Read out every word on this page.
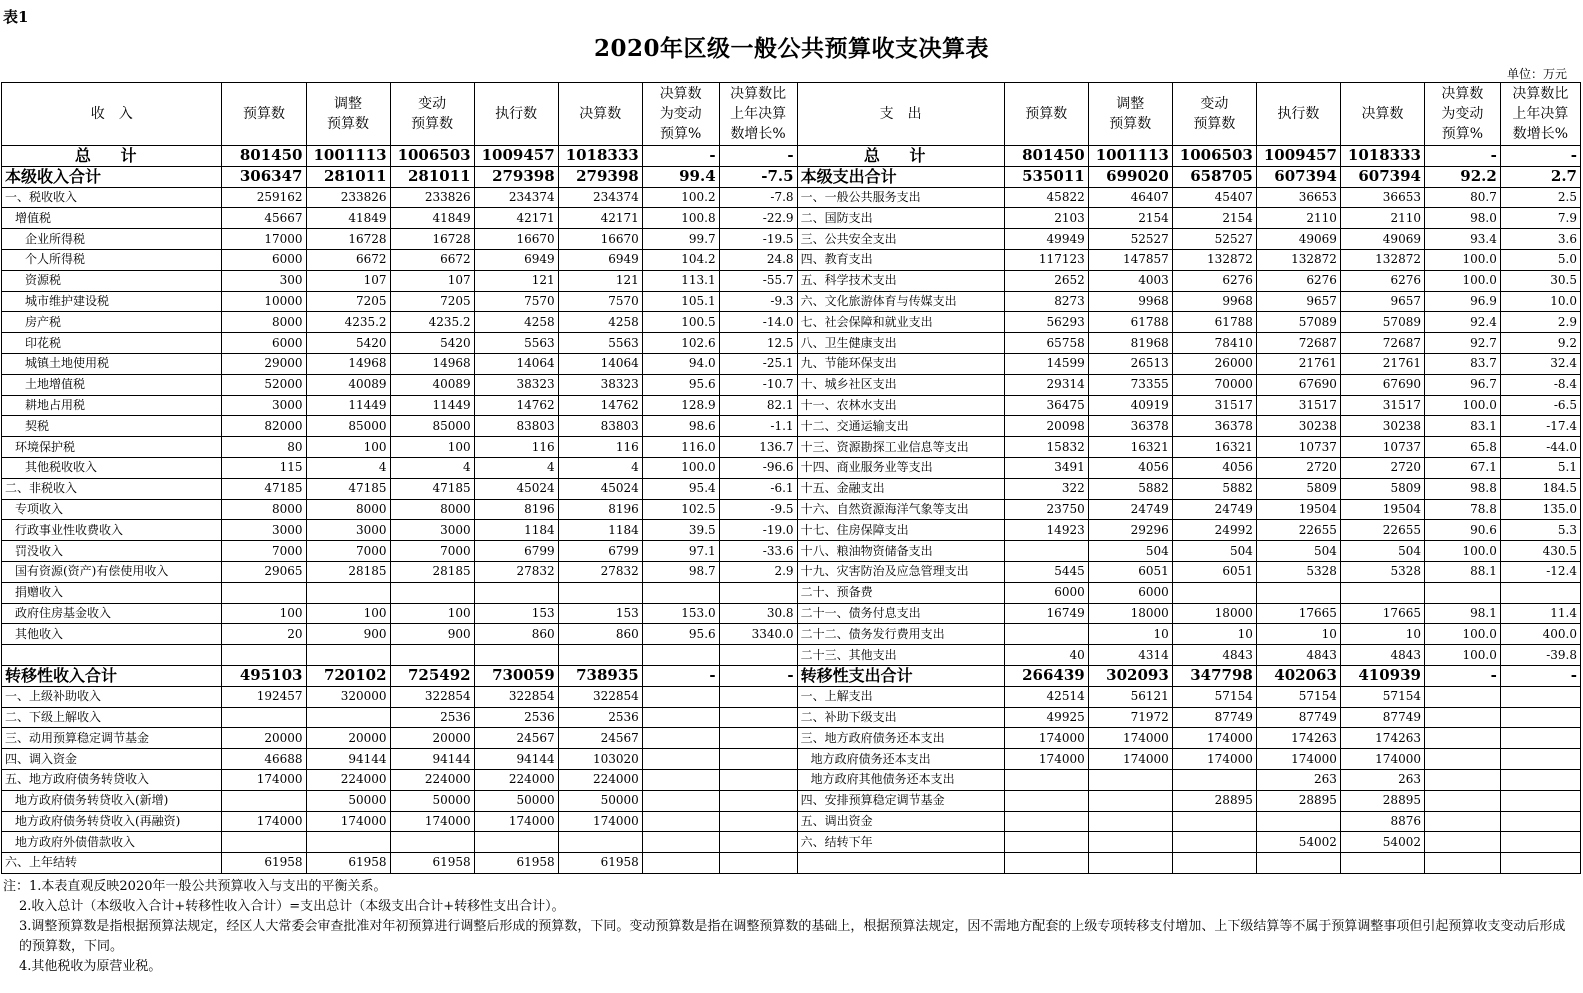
表1
2020年区级一般公共预算收支决算表
单位：万元
收　入	预算数	调整
预算数	变动
预算数	执行数	决算数	决算数
为变动
预算%	决算数比
上年决算
数增长%	支　出	预算数	调整
预算数	变动
预算数	执行数	决算数	决算数
为变动
预算%	决算数比
上年决算
数增长%

总 计	801450	1001113	1006503	1009457	1018333	-	-	总 计	801450	1001113	1006503	1009457	1018333	-	-
本级收入合计	306347	281011	281011	279398	279398	99.4	-7.5	本级支出合计	535011	699020	658705	607394	607394	92.2	2.7
一、税收收入	259162	233826	233826	234374	234374	100.2	-7.8	一、一般公共服务支出	45822	46407	45407	36653	36653	80.7	2.5
增值税	45667	41849	41849	42171	42171	100.8	-22.9	二、国防支出	2103	2154	2154	2110	2110	98.0	7.9
企业所得税	17000	16728	16728	16670	16670	99.7	-19.5	三、公共安全支出	49949	52527	52527	49069	49069	93.4	3.6
个人所得税	6000	6672	6672	6949	6949	104.2	24.8	四、教育支出	117123	147857	132872	132872	132872	100.0	5.0
资源税	300	107	107	121	121	113.1	-55.7	五、科学技术支出	2652	4003	6276	6276	6276	100.0	30.5
城市维护建设税	10000	7205	7205	7570	7570	105.1	-9.3	六、文化旅游体育与传媒支出	8273	9968	9968	9657	9657	96.9	10.0
房产税	8000	4235.2	4235.2	4258	4258	100.5	-14.0	七、社会保障和就业支出	56293	61788	61788	57089	57089	92.4	2.9
印花税	6000	5420	5420	5563	5563	102.6	12.5	八、卫生健康支出	65758	81968	78410	72687	72687	92.7	9.2
城镇土地使用税	29000	14968	14968	14064	14064	94.0	-25.1	九、节能环保支出	14599	26513	26000	21761	21761	83.7	32.4
土地增值税	52000	40089	40089	38323	38323	95.6	-10.7	十、城乡社区支出	29314	73355	70000	67690	67690	96.7	-8.4
耕地占用税	3000	11449	11449	14762	14762	128.9	82.1	十一、农林水支出	36475	40919	31517	31517	31517	100.0	-6.5
契税	82000	85000	85000	83803	83803	98.6	-1.1	十二、交通运输支出	20098	36378	36378	30238	30238	83.1	-17.4
环境保护税	80	100	100	116	116	116.0	136.7	十三、资源勘探工业信息等支出	15832	16321	16321	10737	10737	65.8	-44.0
其他税收收入	115	4	4	4	4	100.0	-96.6	十四、商业服务业等支出	3491	4056	4056	2720	2720	67.1	5.1
二、非税收入	47185	47185	47185	45024	45024	95.4	-6.1	十五、金融支出	322	5882	5882	5809	5809	98.8	184.5
专项收入	8000	8000	8000	8196	8196	102.5	-9.5	十六、自然资源海洋气象等支出	23750	24749	24749	19504	19504	78.8	135.0
行政事业性收费收入	3000	3000	3000	1184	1184	39.5	-19.0	十七、住房保障支出	14923	29296	24992	22655	22655	90.6	5.3
罚没收入	7000	7000	7000	6799	6799	97.1	-33.6	十八、粮油物资储备支出		504	504	504	504	100.0	430.5
国有资源(资产)有偿使用收入	29065	28185	28185	27832	27832	98.7	2.9	十九、灾害防治及应急管理支出	5445	6051	6051	5328	5328	88.1	-12.4
捐赠收入								二十、预备费	6000	6000					
政府住房基金收入	100	100	100	153	153	153.0	30.8	二十一、债务付息支出	16749	18000	18000	17665	17665	98.1	11.4
其他收入	20	900	900	860	860	95.6	3340.0	二十二、债务发行费用支出		10	10	10	10	100.0	400.0
								二十三、其他支出	40	4314	4843	4843	4843	100.0	-39.8
转移性收入合计	495103	720102	725492	730059	738935	-	-	转移性支出合计	266439	302093	347798	402063	410939	-	-
一、上级补助收入	192457	320000	322854	322854	322854			一、上解支出	42514	56121	57154	57154	57154		
二、下级上解收入			2536	2536	2536			二、补助下级支出	49925	71972	87749	87749	87749		
三、动用预算稳定调节基金	20000	20000	20000	24567	24567			三、地方政府债务还本支出	174000	174000	174000	174263	174263		
四、调入资金	46688	94144	94144	94144	103020			地方政府债务还本支出	174000	174000	174000	174000	174000		
五、地方政府债务转贷收入	174000	224000	224000	224000	224000			地方政府其他债务还本支出				263	263		
地方政府债务转贷收入(新增)		50000	50000	50000	50000			四、安排预算稳定调节基金			28895	28895	28895		
地方政府债务转贷收入(再融资)	174000	174000	174000	174000	174000			五、调出资金					8876		
地方政府外债借款收入								六、结转下年				54002	54002		
六、上年结转	61958	61958	61958	61958	61958										
注：1.本表直观反映2020年一般公共预算收入与支出的平衡关系。
2.收入总计（本级收入合计+转移性收入合计）=支出总计（本级支出合计+转移性支出合计）。
3.调整预算数是指根据预算法规定，经区人大常委会审查批准对年初预算进行调整后形成的预算数，下同。变动预算数是指在调整预算数的基础上，根据预算法规定，因不需地方配套的上级专项转移支付增加、上下级结算等不属于预算调整事项但引起预算收支变动后形成的预算数，下同。
4.其他税收为原营业税。
